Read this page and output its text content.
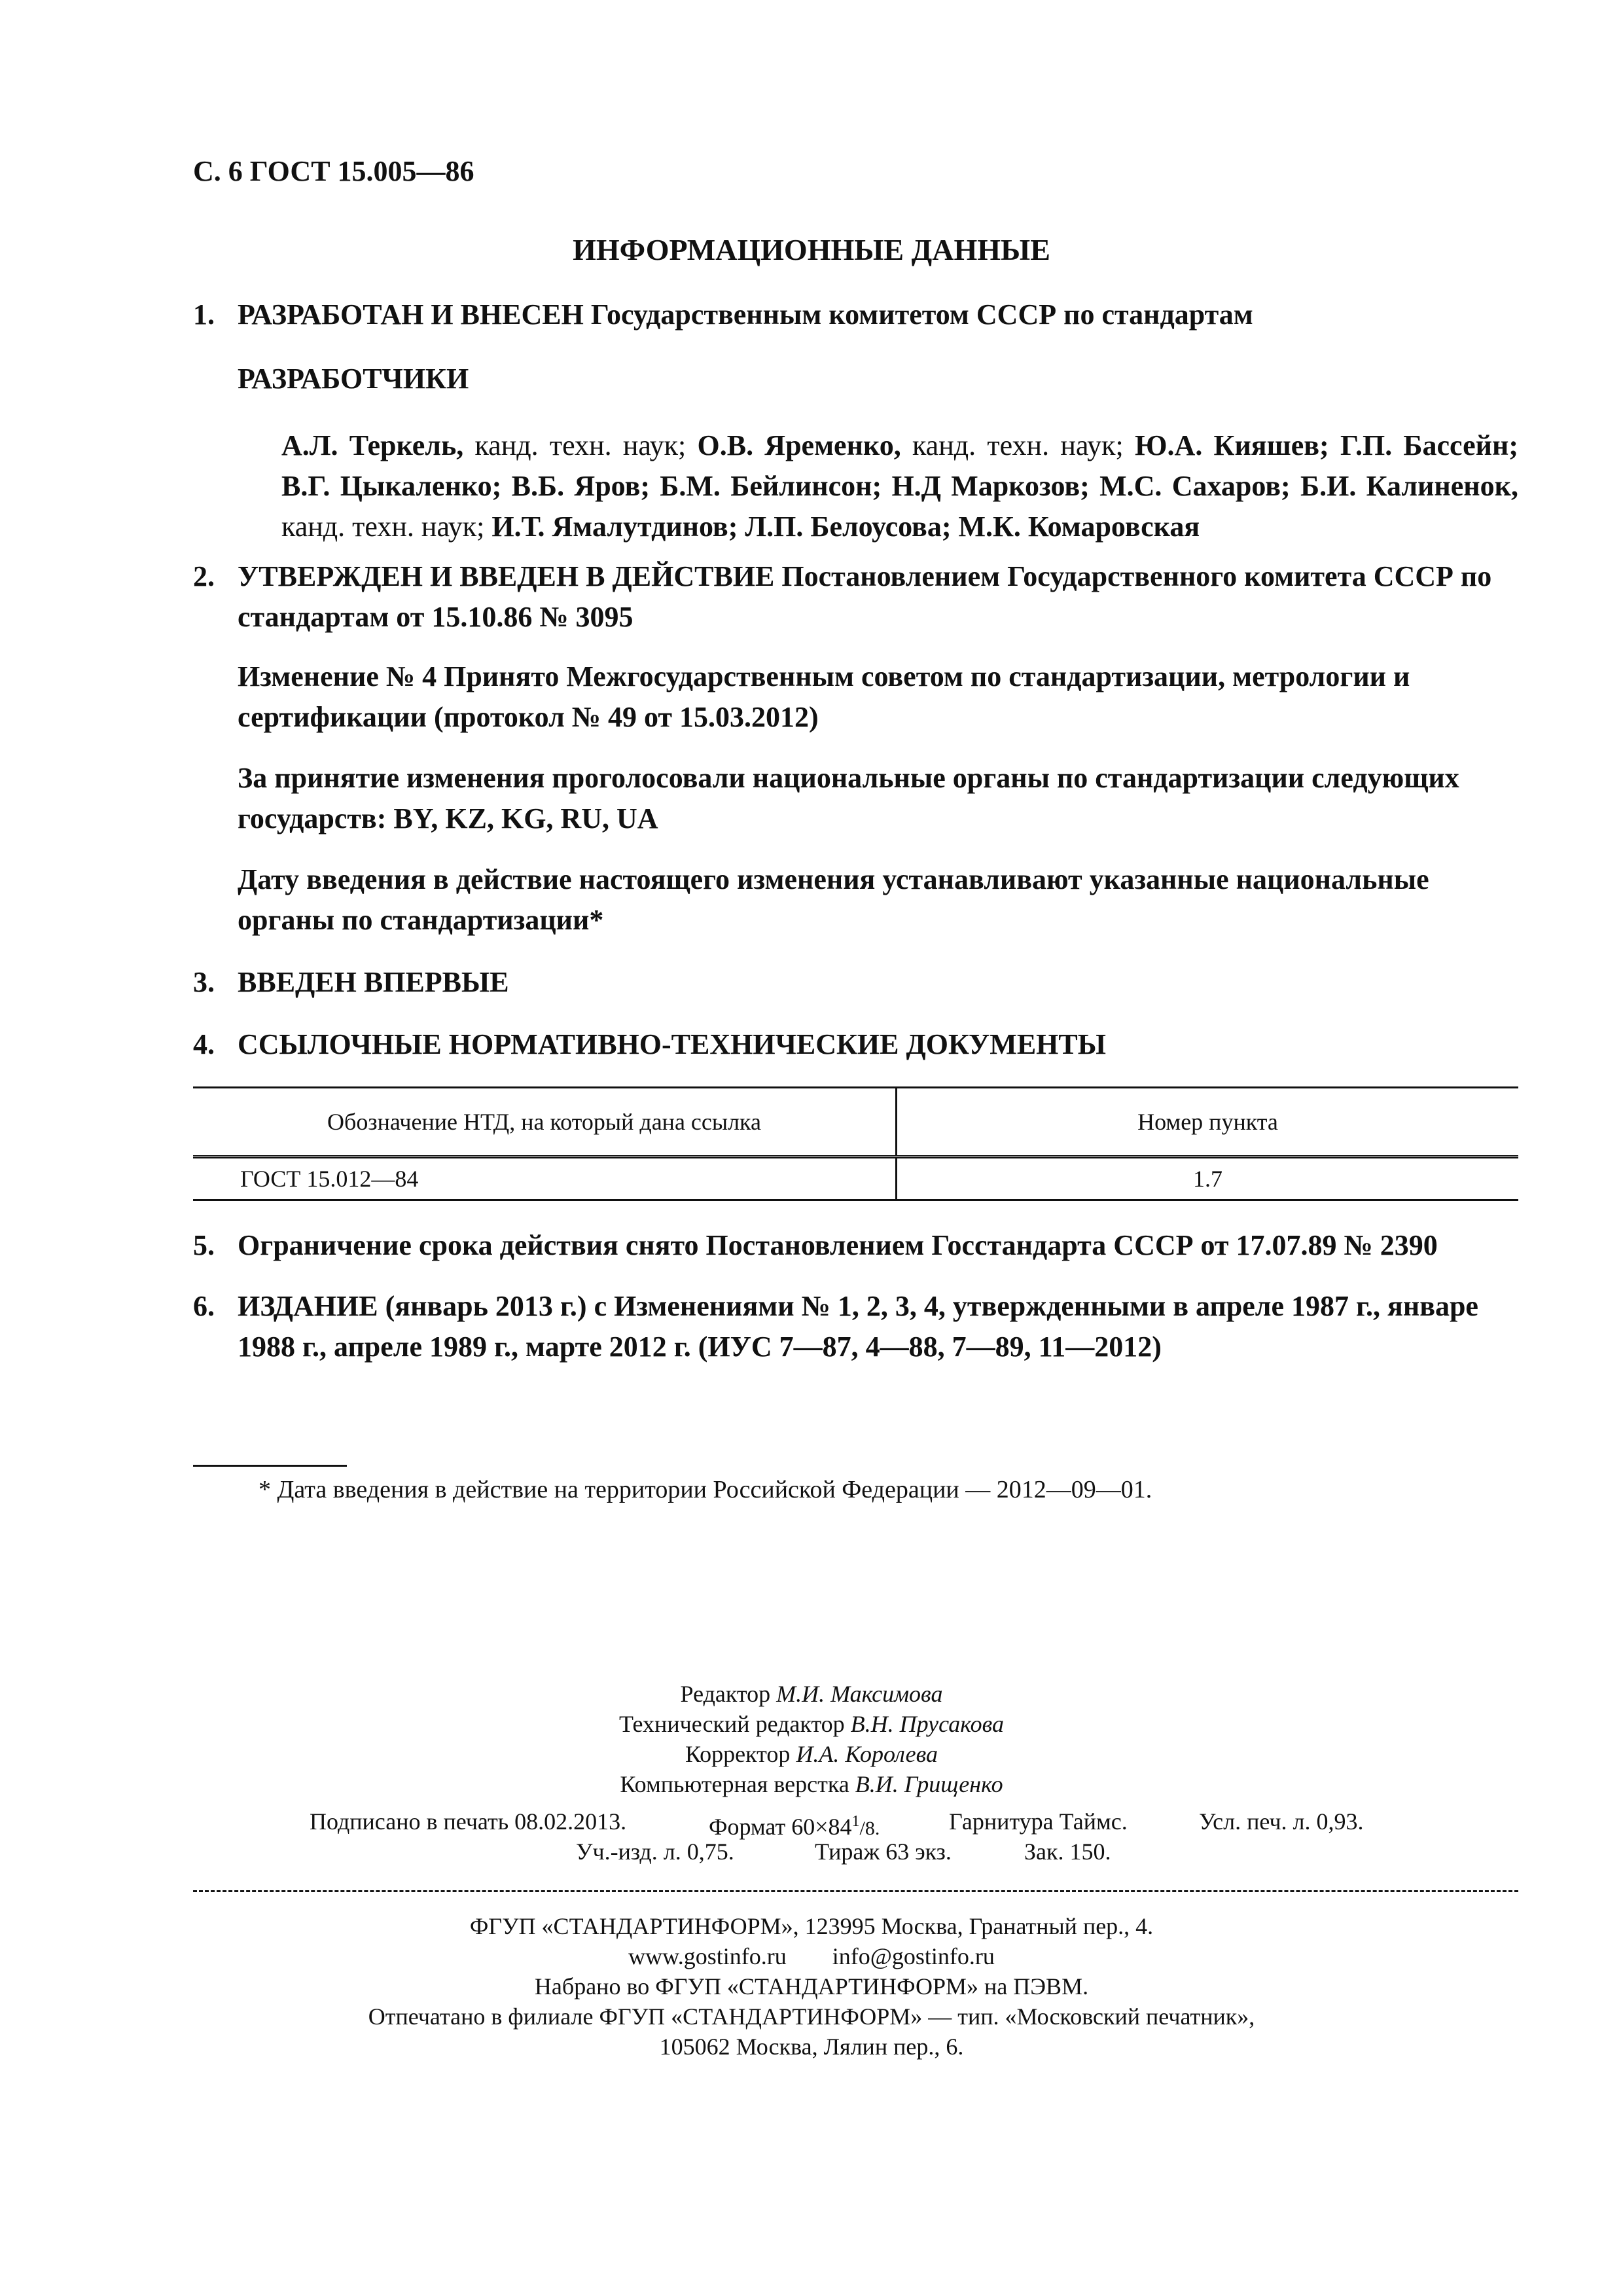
С. 6 ГОСТ 15.005—86
ИНФОРМАЦИОННЫЕ ДАННЫЕ
1. РАЗРАБОТАН И ВНЕСЕН Государственным комитетом СССР по стандартам
РАЗРАБОТЧИКИ
А.Л. Теркель, канд. техн. наук; О.В. Яременко, канд. техн. наук; Ю.А. Кияшев; Г.П. Бассейн; В.Г. Цыкаленко; В.Б. Яров; Б.М. Бейлинсон; Н.Д Маркозов; М.С. Сахаров; Б.И. Калиненок, канд. техн. наук; И.Т. Ямалутдинов; Л.П. Белоусова; М.К. Комаровская
2. УТВЕРЖДЕН И ВВЕДЕН В ДЕЙСТВИЕ Постановлением Государственного комитета СССР по стандартам от 15.10.86 № 3095
Изменение № 4 Принято Межгосударственным советом по стандартизации, метрологии и сертификации (протокол № 49 от 15.03.2012)
За принятие изменения проголосовали национальные органы по стандартизации следующих государств: BY, KZ, KG, RU, UA
Дату введения в действие настоящего изменения устанавливают указанные национальные органы по стандартизации*
3. ВВЕДЕН ВПЕРВЫЕ
4. ССЫЛОЧНЫЕ НОРМАТИВНО-ТЕХНИЧЕСКИЕ ДОКУМЕНТЫ
Обозначение НТД, на который дана ссылка	Номер пункта
ГОСТ 15.012—84	1.7
5. Ограничение срока действия снято Постановлением Госстандарта СССР от 17.07.89 № 2390
6. ИЗДАНИЕ (январь 2013 г.) с Изменениями № 1, 2, 3, 4, утвержденными в апреле 1987 г., январе 1988 г., апреле 1989 г., марте 2012 г. (ИУС 7—87, 4—88, 7—89, 11—2012)
* Дата введения в действие на территории Российской Федерации — 2012—09—01.
Редактор М.И. Максимова
Технический редактор В.Н. Прусакова
Корректор И.А. Королева
Компьютерная верстка В.И. Грищенко
Подписано в печать 08.02.2013.	Формат $60\times 84^1/8$.	Гарнитура Таймс.	Усл. печ. л. 0,93.
Уч.-изд. л. 0,75.	Тираж 63 экз.	Зак. 150.
ФГУП «СТАНДАРТИНФОРМ», 123995 Москва, Гранатный пер., 4.
www.gostinfo.ru info@gostinfo.ru
Набрано во ФГУП «СТАНДАРТИНФОРМ» на ПЭВМ.
Отпечатано в филиале ФГУП «СТАНДАРТИНФОРМ» — тип. «Московский печатник»,
105062 Москва, Лялин пер., 6.
